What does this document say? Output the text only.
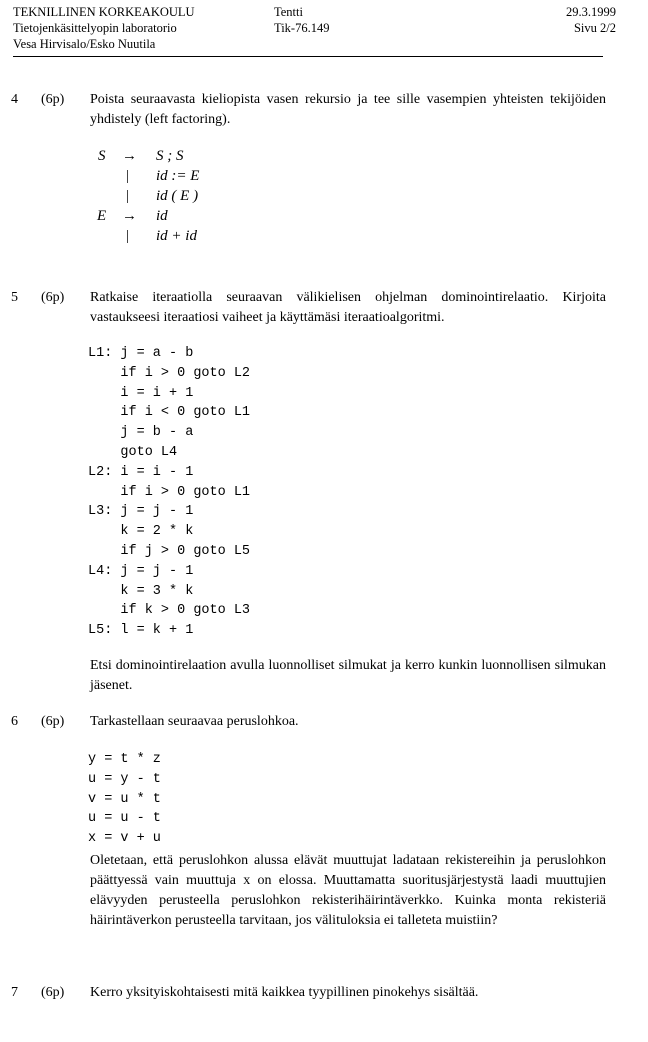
TEKNILLINEN KORKEAKOULU
Tietojenkäsittelyopin laboratorio
Vesa Hirvisalo/Esko Nuutila
Tentti
Tik-76.149
29.3.1999
Sivu 2/2
4 (6p) Poista seuraavasta kieliopista vasen rekursio ja tee sille vasempien yhteisten tekijöiden yhdistely (left factoring).
S → S ; S
| id := E
| id ( E )
E → id
| id + id
5 (6p) Ratkaise iteraatiolla seuraavan välikielisen ohjelman dominointirelaatio. Kirjoita vastaukseesi iteraatiosi vaiheet ja käyttämäsi iteraatioalgoritmi.
L1: j = a - b
if i > 0 goto L2
i = i + 1
if i < 0 goto L1
j = b - a
goto L4
L2: i = i - 1
if i > 0 goto L1
L3: j = j - 1
k = 2 * k
if j > 0 goto L5
L4: j = j - 1
k = 3 * k
if k > 0 goto L3
L5: l = k + 1
Etsi dominointirelaation avulla luonnolliset silmukat ja kerro kunkin luonnollisen silmukan jäsenet.
6 (6p) Tarkastellaan seuraavaa peruslohkoa.
y = t * z
u = y - t
v = u * t
u = u - t
x = v + u
Oletetaan, että peruslohkon alussa elävät muuttujat ladataan rekistereihin ja peruslohkon päättyessä vain muuttuja x on elossa. Muuttamatta suoritusjärjestystä laadi muuttujien elävyyden perusteella peruslohkon rekisterihäirintäverkko. Kuinka monta rekisteriä häirintäverkon perusteella tarvitaan, jos välituloksia ei talleteta muistiin?
7 (6p) Kerro yksityiskohtaisesti mitä kaikkea tyypillinen pinokehys sisältää.
